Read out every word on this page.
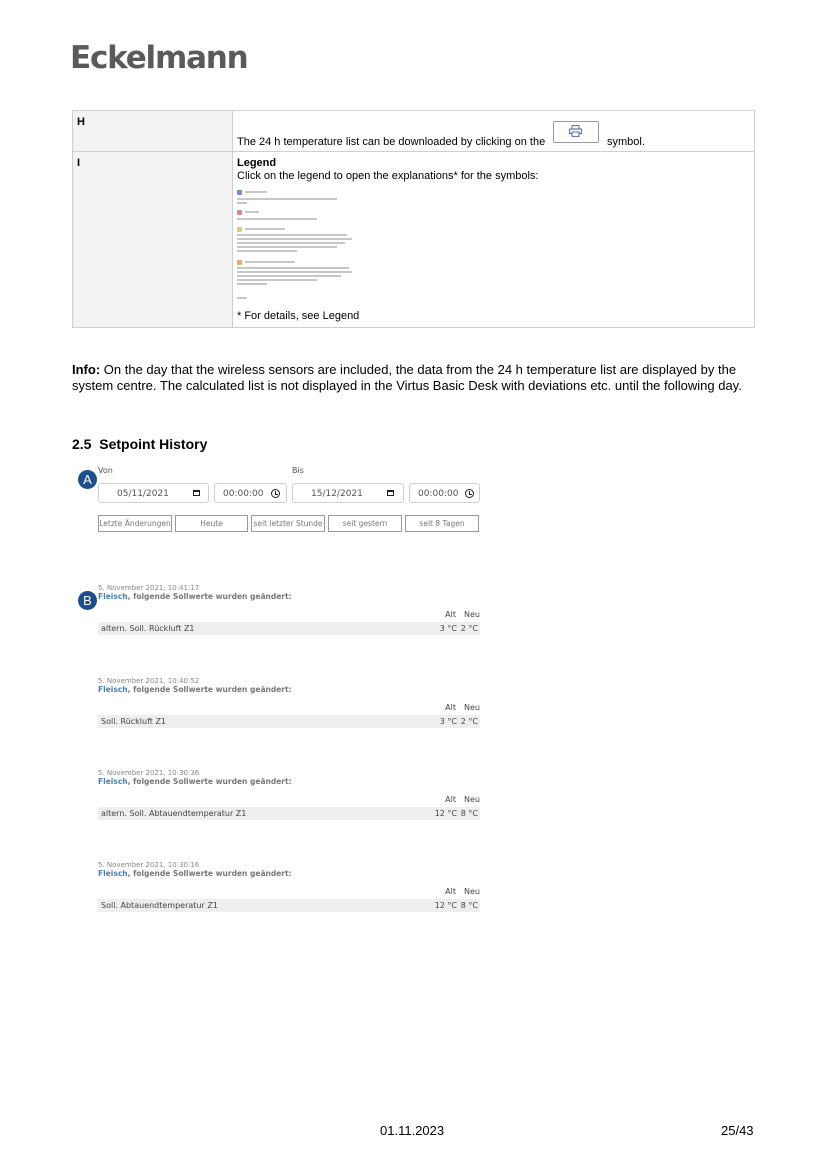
Eckelmann
H	The 24 h temperature list can be downloaded by clicking on the symbol.

I	Legend
Click on the legend to open the explanations* for the symbols:
* For details, see Legend
Info: On the day that the wireless sensors are included, the data from the 24 h temperature list are displayed by the system centre. The calculated list is not displayed in the Virtus Basic Desk with deviations etc. until the following day.
2.5 Setpoint History
A
Von	Bis
05/11/2021	00:00:00	15/12/2021	00:00:00
Letzte Änderungen	Heute	seit letzter Stunde	seit gestern	seit 8 Tagen
B
5. November 2021, 10:41:17
Fleisch, folgende Sollwerte wurden geändert:
Alt Neu
altern. Soll. Rückluft Z1	3 °C 2 °C
5. November 2021, 10:40:52
Fleisch, folgende Sollwerte wurden geändert:
Alt Neu
Soll. Rückluft Z1	3 °C 2 °C
5. November 2021, 10:30:36
Fleisch, folgende Sollwerte wurden geändert:
Alt Neu
altern. Soll. Abtauendtemperatur Z1	12 °C 8 °C
5. November 2021, 10:30:16
Fleisch, folgende Sollwerte wurden geändert:
Alt Neu
Soll. Abtauendtemperatur Z1	12 °C 8 °C
01.11.2023	25/43
